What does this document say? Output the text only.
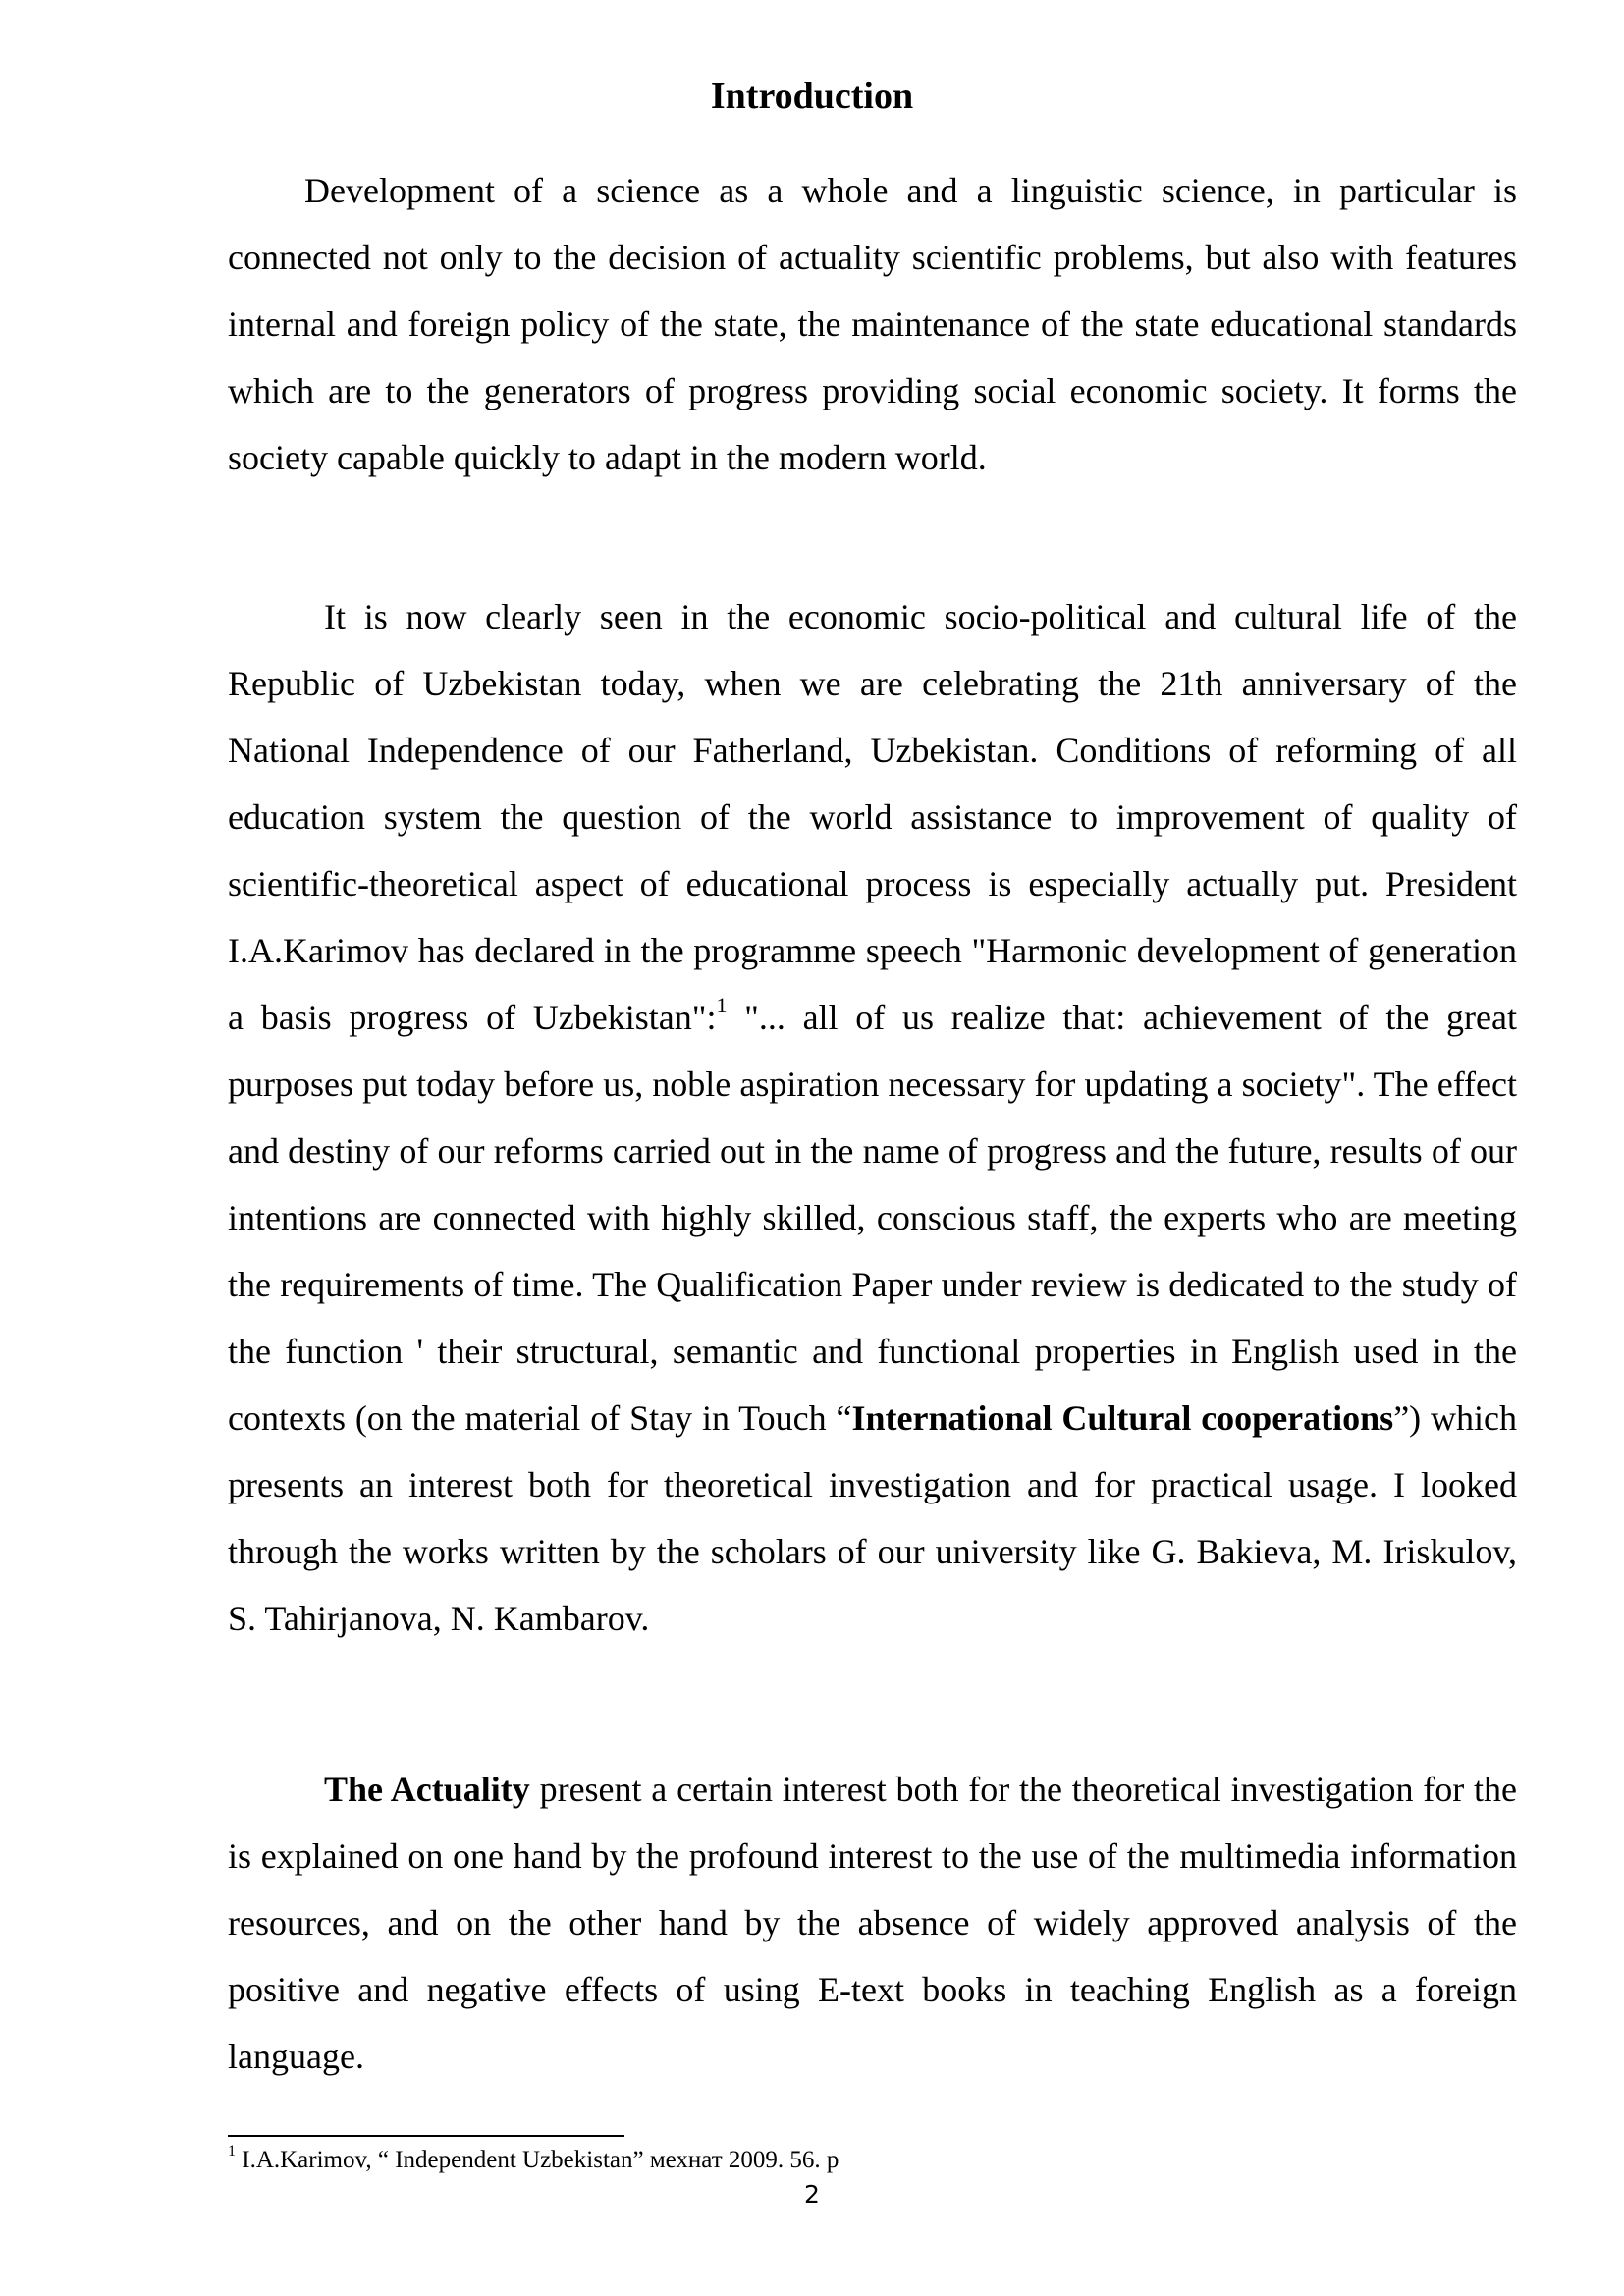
Introduction

Development of a science as a whole and a linguistic science, in particular is connected not only to the decision of actuality scientific problems, but also with features internal and foreign policy of the state, the maintenance of the state educational standards which are to the generators of progress providing social economic society. It forms the society capable quickly to adapt in the modern world.

It is now clearly seen in the economic socio-political and cultural life of the Republic of Uzbekistan today, when we are celebrating the 21th anniversary of the National Independence of our Fatherland, Uzbekistan. Conditions of reforming of all education system the question of the world assistance to improvement of quality of scientific-theoretical aspect of educational process is especially actually put. President I.A.Karimov has declared in the programme speech "Harmonic development of generation a basis progress of Uzbekistan":$^1$ "... all of us realize that: achievement of the great purposes put today before us, noble aspiration necessary for updating a society". The effect and destiny of our reforms carried out in the name of progress and the future, results of our intentions are connected with highly skilled, conscious staff, the experts who are meeting the requirements of time. The Qualification Paper under review is dedicated to the study of the function ' their structural, semantic and functional properties in English used in the contexts (on the material of Stay in Touch “International Cultural cooperations”) which presents an interest both for theoretical investigation and for practical usage. I looked through the works written by the scholars of our university like G. Bakieva, M. Iriskulov, S. Tahirjanova, N. Kambarov.

The Actuality present a certain interest both for the theoretical investigation for the is explained on one hand by the profound interest to the use of the multimedia information resources, and on the other hand by the absence of widely approved analysis of the positive and negative effects of using E-text books in teaching English as a foreign language.

$^1$ I.A.Karimov, “ Independent Uzbekistan” мехнат 2009. 56. p

2
